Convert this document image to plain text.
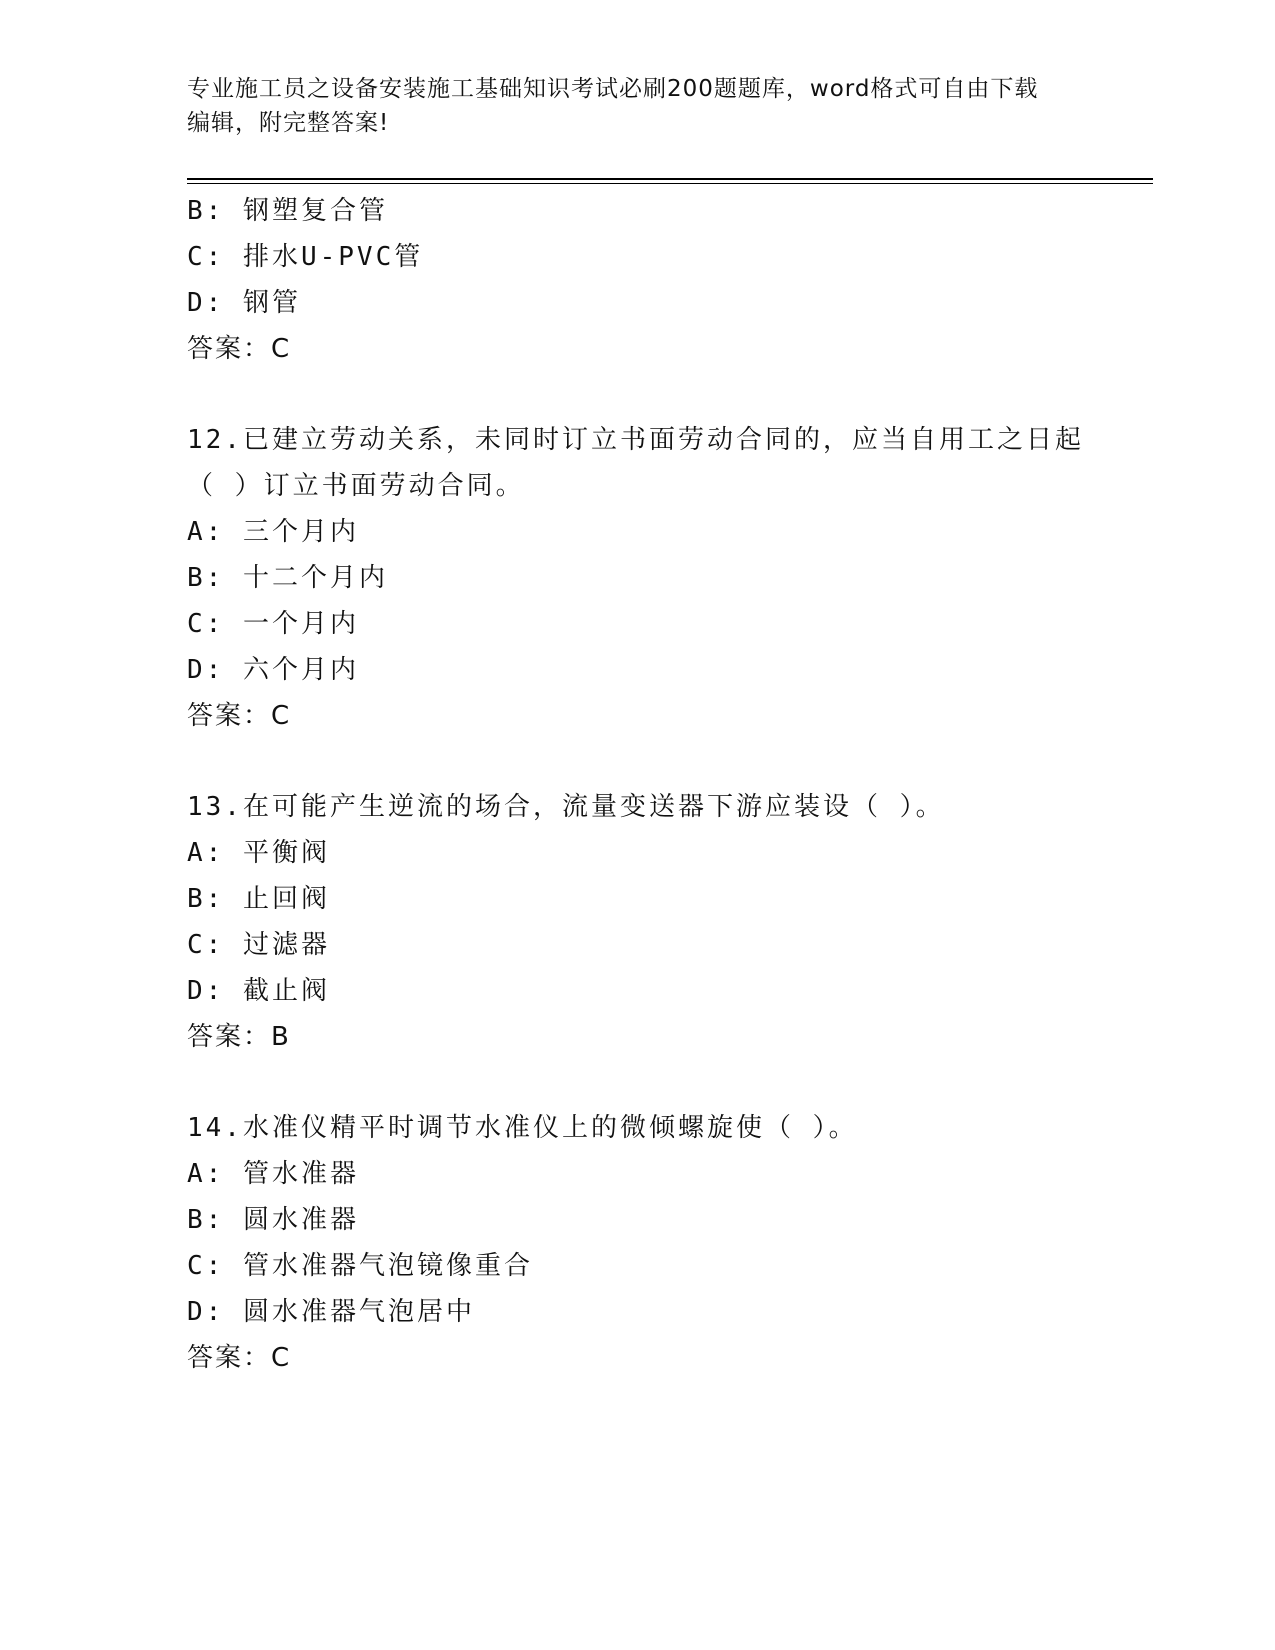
专业施工员之设备安装施工基础知识考试必刷200题题库，word格式可自由下载
编辑，附完整答案!
B: 钢塑复合管
C: 排水U-PVC管
D: 钢管
答案：C
12.已建立劳动关系，未同时订立书面劳动合同的，应当自用工之日起
（ ）订立书面劳动合同。
A: 三个月内
B: 十二个月内
C: 一个月内
D: 六个月内
答案：C
13.在可能产生逆流的场合，流量变送器下游应装设（ ）。
A: 平衡阀
B: 止回阀
C: 过滤器
D: 截止阀
答案：B
14.水准仪精平时调节水准仪上的微倾螺旋使（ ）。
A: 管水准器
B: 圆水准器
C: 管水准器气泡镜像重合
D: 圆水准器气泡居中
答案：C
